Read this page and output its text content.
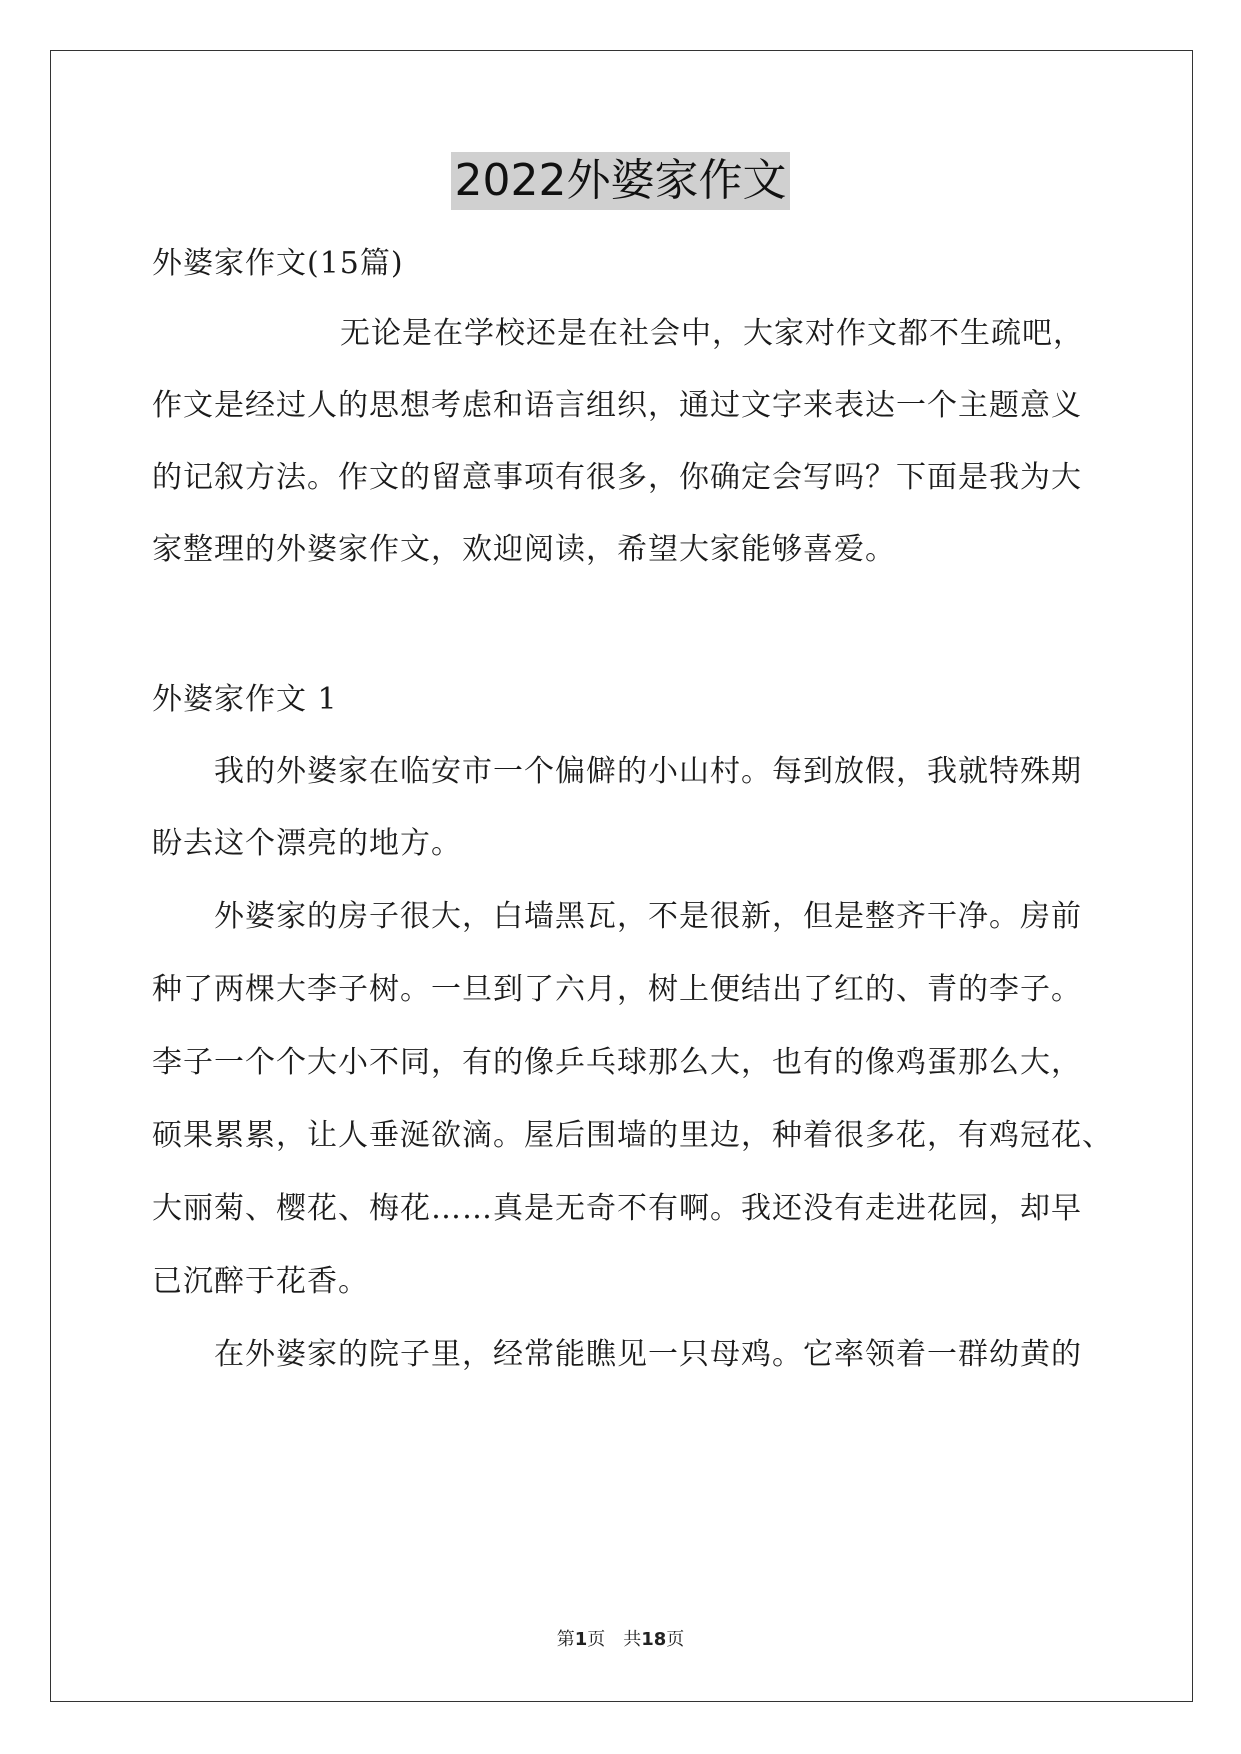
2022外婆家作文

外婆家作文(15篇)

无论是在学校还是在社会中，大家对作文都不生疏吧，

作文是经过人的思想考虑和语言组织，通过文字来表达一个主题意义

的记叙方法。作文的留意事项有很多，你确定会写吗？下面是我为大

家整理的外婆家作文，欢迎阅读，希望大家能够喜爱。

外婆家作文 1

我的外婆家在临安市一个偏僻的小山村。每到放假，我就特殊期

盼去这个漂亮的地方。

外婆家的房子很大，白墙黑瓦，不是很新，但是整齐干净。房前

种了两棵大李子树。一旦到了六月，树上便结出了红的、青的李子。

李子一个个大小不同，有的像乒乓球那么大，也有的像鸡蛋那么大，

硕果累累，让人垂涎欲滴。屋后围墙的里边，种着很多花，有鸡冠花、

大丽菊、樱花、梅花……真是无奇不有啊。我还没有走进花园，却早

已沉醉于花香。

在外婆家的院子里，经常能瞧见一只母鸡。它率领着一群幼黄的

第1页　共18页
